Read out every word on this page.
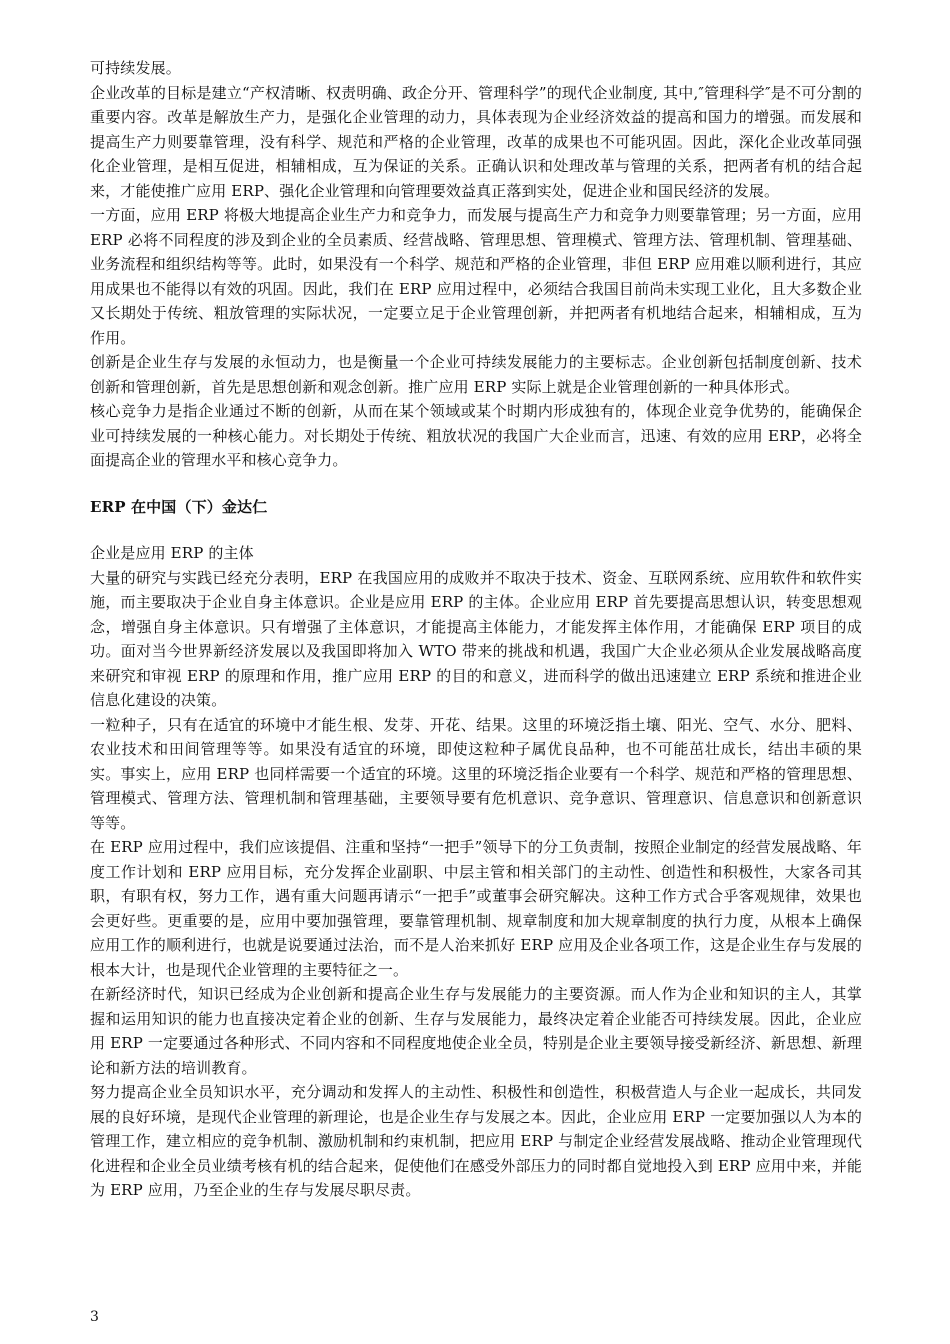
可持续发展。

企业改革的目标是建立“产权清晰、权责明确、政企分开、管理科学”的现代企业制度, 其中,″管理科学″是不可分割的重要内容。改革是解放生产力，是强化企业管理的动力，具体表现为企业经济效益的提高和国力的增强。而发展和提高生产力则要靠管理，没有科学、规范和严格的企业管理，改革的成果也不可能巩固。因此，深化企业改革同强化企业管理，是相互促进，相辅相成，互为保证的关系。正确认识和处理改革与管理的关系，把两者有机的结合起来，才能使推广应用 ERP、强化企业管理和向管理要效益真正落到实处，促进企业和国民经济的发展。

一方面，应用 ERP 将极大地提高企业生产力和竞争力，而发展与提高生产力和竞争力则要靠管理；另一方面，应用 ERP 必将不同程度的涉及到企业的全员素质、经营战略、管理思想、管理模式、管理方法、管理机制、管理基础、业务流程和组织结构等等。此时，如果没有一个科学、规范和严格的企业管理，非但 ERP 应用难以顺利进行，其应用成果也不能得以有效的巩固。因此，我们在 ERP 应用过程中，必须结合我国目前尚未实现工业化，且大多数企业又长期处于传统、粗放管理的实际状况，一定要立足于企业管理创新，并把两者有机地结合起来，相辅相成，互为作用。

创新是企业生存与发展的永恒动力，也是衡量一个企业可持续发展能力的主要标志。企业创新包括制度创新、技术创新和管理创新，首先是思想创新和观念创新。推广应用 ERP 实际上就是企业管理创新的一种具体形式。

核心竞争力是指企业通过不断的创新，从而在某个领域或某个时期内形成独有的，体现企业竞争优势的，能确保企业可持续发展的一种核心能力。对长期处于传统、粗放状况的我国广大企业而言，迅速、有效的应用 ERP，必将全面提高企业的管理水平和核心竞争力。

ERP 在中国（下）金达仁

企业是应用 ERP 的主体

大量的研究与实践已经充分表明，ERP 在我国应用的成败并不取决于技术、资金、互联网系统、应用软件和软件实施，而主要取决于企业自身主体意识。企业是应用 ERP 的主体。企业应用 ERP 首先要提高思想认识，转变思想观念，增强自身主体意识。只有增强了主体意识，才能提高主体能力，才能发挥主体作用，才能确保 ERP 项目的成功。面对当今世界新经济发展以及我国即将加入 WTO 带来的挑战和机遇，我国广大企业必须从企业发展战略高度来研究和审视 ERP 的原理和作用，推广应用 ERP 的目的和意义，进而科学的做出迅速建立 ERP 系统和推进企业信息化建设的决策。

一粒种子，只有在适宜的环境中才能生根、发芽、开花、结果。这里的环境泛指土壤、阳光、空气、水分、肥料、农业技术和田间管理等等。如果没有适宜的环境，即使这粒种子属优良品种，也不可能茁壮成长，结出丰硕的果实。事实上，应用 ERP 也同样需要一个适宜的环境。这里的环境泛指企业要有一个科学、规范和严格的管理思想、管理模式、管理方法、管理机制和管理基础，主要领导要有危机意识、竞争意识、管理意识、信息意识和创新意识等等。

在 ERP 应用过程中，我们应该提倡、注重和坚持“一把手”领导下的分工负责制，按照企业制定的经营发展战略、年度工作计划和 ERP 应用目标，充分发挥企业副职、中层主管和相关部门的主动性、创造性和积极性，大家各司其职，有职有权，努力工作，遇有重大问题再请示“一把手”或董事会研究解决。这种工作方式合乎客观规律，效果也会更好些。更重要的是，应用中要加强管理，要靠管理机制、规章制度和加大规章制度的执行力度，从根本上确保应用工作的顺利进行，也就是说要通过法治，而不是人治来抓好 ERP 应用及企业各项工作，这是企业生存与发展的根本大计，也是现代企业管理的主要特征之一。

在新经济时代，知识已经成为企业创新和提高企业生存与发展能力的主要资源。而人作为企业和知识的主人，其掌握和运用知识的能力也直接决定着企业的创新、生存与发展能力，最终决定着企业能否可持续发展。因此，企业应用 ERP 一定要通过各种形式、不同内容和不同程度地使企业全员，特别是企业主要领导接受新经济、新思想、新理论和新方法的培训教育。

努力提高企业全员知识水平，充分调动和发挥人的主动性、积极性和创造性，积极营造人与企业一起成长，共同发展的良好环境，是现代企业管理的新理论，也是企业生存与发展之本。因此，企业应用 ERP 一定要加强以人为本的管理工作，建立相应的竞争机制、激励机制和约束机制，把应用 ERP 与制定企业经营发展战略、推动企业管理现代化进程和企业全员业绩考核有机的结合起来，促使他们在感受外部压力的同时都自觉地投入到 ERP 应用中来，并能为 ERP 应用，乃至企业的生存与发展尽职尽责。

3
